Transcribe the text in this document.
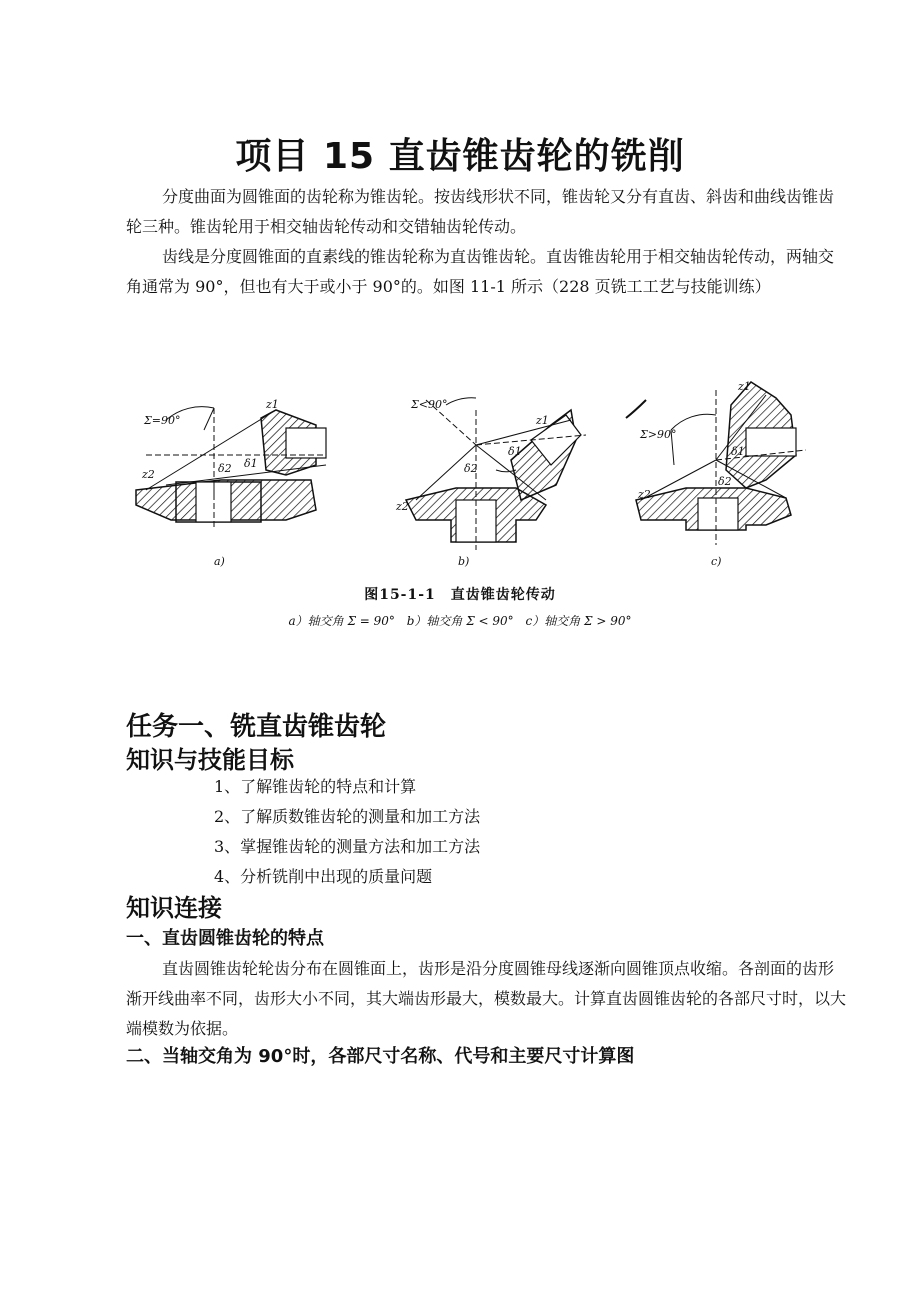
项目 15 直齿锥齿轮的铣削

分度曲面为圆锥面的齿轮称为锥齿轮。按齿线形状不同，锥齿轮又分有直齿、斜齿和曲线齿锥齿轮三种。锥齿轮用于相交轴齿轮传动和交错轴齿轮传动。

齿线是分度圆锥面的直素线的锥齿轮称为直齿锥齿轮。直齿锥齿轮用于相交轴齿轮传动，两轴交角通常为 90°，但也有大于或小于 90°的。如图 11-1 所示（228 页铣工工艺与技能训练）

Σ=90°
δ2 δ1
z1
z2
a)
Σ<90°
δ2
δ1
z1
z2
b)
Σ>90°
δ2
δ1
z1
z2
c)
图15-1-1　直齿锥齿轮传动
a）轴交角 Σ = 90° b）轴交角 Σ < 90° c）轴交角 Σ > 90°
任务一、铣直齿锥齿轮
知识与技能目标
1、了解锥齿轮的特点和计算
2、了解质数锥齿轮的测量和加工方法
3、掌握锥齿轮的测量方法和加工方法
4、分析铣削中出现的质量问题
知识连接
一、直齿圆锥齿轮的特点

直齿圆锥齿轮轮齿分布在圆锥面上，齿形是沿分度圆锥母线逐渐向圆锥顶点收缩。各剖面的齿形渐开线曲率不同，齿形大小不同，其大端齿形最大，模数最大。计算直齿圆锥齿轮的各部尺寸时，以大端模数为依据。

二、当轴交角为 90°时，各部尺寸名称、代号和主要尺寸计算图
